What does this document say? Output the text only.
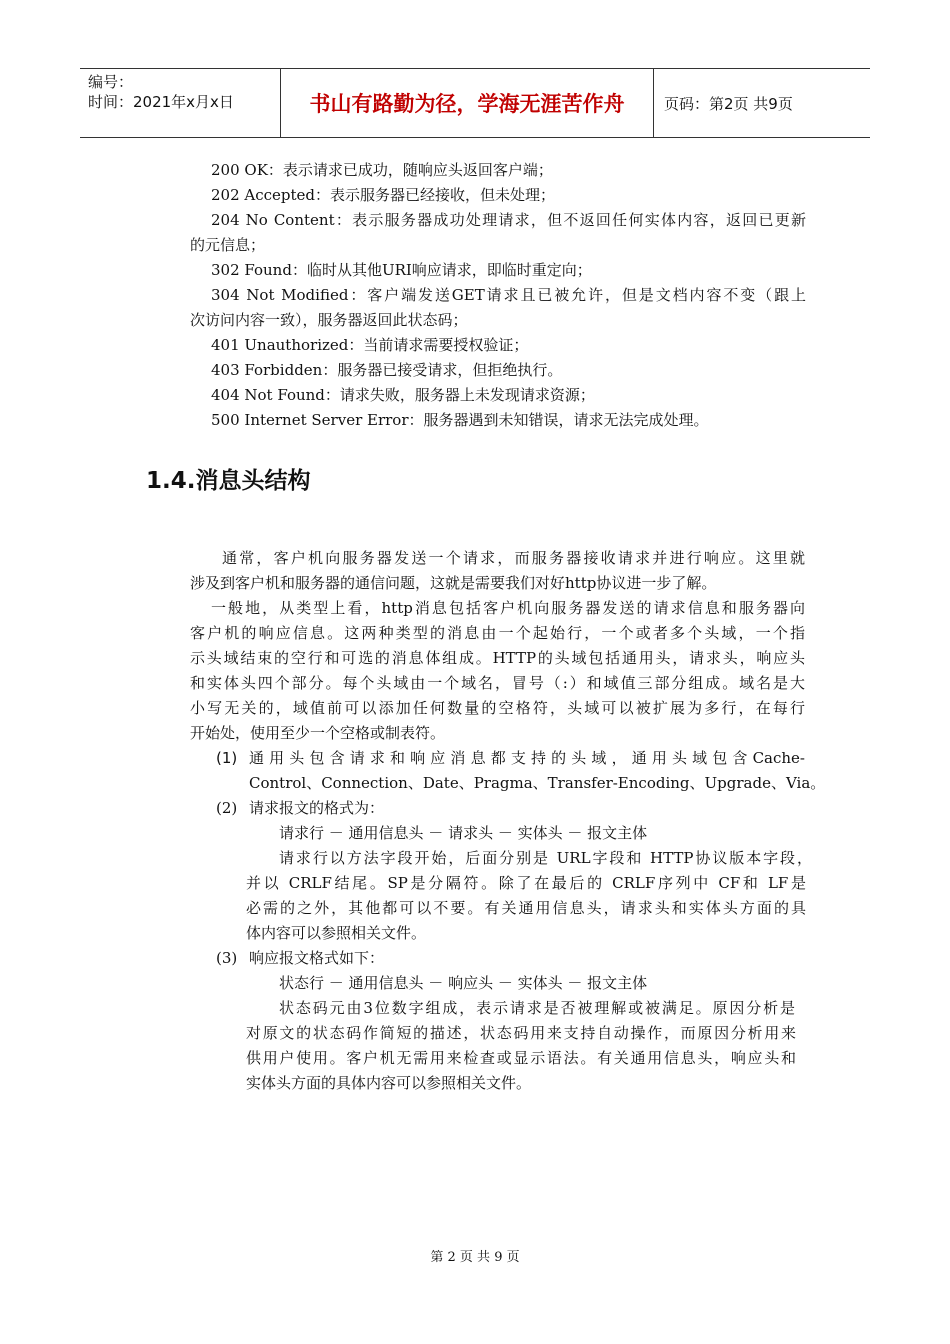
编号：
时间：2021年x月x日	书山有路勤为径，学海无涯苦作舟	页码：第2页 共9页
200 OK：表示请求已成功，随响应头返回客户端；
202 Accepted：表示服务器已经接收，但未处理；
204 No Content：表示服务器成功处理请求，但不返回任何实体内容，返回已更新
的元信息；
302 Found：临时从其他URI响应请求，即临时重定向；
304 Not Modified：客户端发送GET请求且已被允许，但是文档内容不变（跟上
次访问内容一致），服务器返回此状态码；
401 Unauthorized：当前请求需要授权验证；
403 Forbidden：服务器已接受请求，但拒绝执行。
404 Not Found：请求失败，服务器上未发现请求资源；
500 Internet Server Error：服务器遇到未知错误，请求无法完成处理。
1.4.消息头结构
通常，客户机向服务器发送一个请求，而服务器接收请求并进行响应。这里就
涉及到客户机和服务器的通信问题，这就是需要我们对好http协议进一步了解。
一般地，从类型上看，http消息包括客户机向服务器发送的请求信息和服务器向
客户机的响应信息。这两种类型的消息由一个起始行，一个或者多个头域，一个指
示头域结束的空行和可选的消息体组成。HTTP的头域包括通用头，请求头，响应头
和实体头四个部分。每个头域由一个域名，冒号（:）和域值三部分组成。域名是大
小写无关的，域值前可以添加任何数量的空格符，头域可以被扩展为多行，在每行
开始处，使用至少一个空格或制表符。
(1) 通用头包含请求和响应消息都支持的头域，通用头域包含Cache-
Control、Connection、Date、Pragma、Transfer-Encoding、Upgrade、Via。
(2) 请求报文的格式为：
请求行 － 通用信息头 － 请求头 － 实体头 － 报文主体
请求行以方法字段开始，后面分别是 URL字段和 HTTP协议版本字段，
并以 CRLF结尾。SP是分隔符。除了在最后的 CRLF序列中 CF和 LF是
必需的之外，其他都可以不要。有关通用信息头，请求头和实体头方面的具
体内容可以参照相关文件。
(3) 响应报文格式如下：
状态行 － 通用信息头 － 响应头 － 实体头 － 报文主体
状态码元由3位数字组成，表示请求是否被理解或被满足。原因分析是
对原文的状态码作简短的描述，状态码用来支持自动操作，而原因分析用来
供用户使用。客户机无需用来检查或显示语法。有关通用信息头，响应头和
实体头方面的具体内容可以参照相关文件。
第 2 页 共 9 页
